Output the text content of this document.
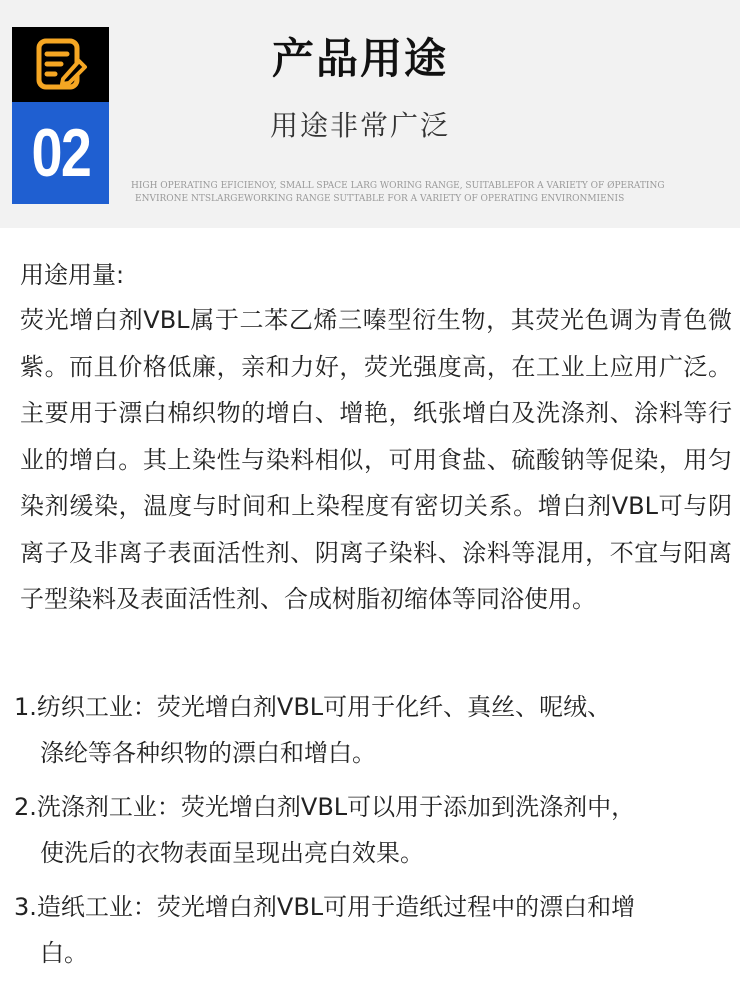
02
产品用途
用途非常广泛
HIGH OPERATING EFICIENOY, SMALL SPACE LARG WORING RANGE, SUITABLEFOR A VARIETY OF ØPERATING
ENVIRONE NTSLARGEWORKING RANGE SUTTABLE FOR A VARIETY OF OPERATING ENVIRONMIENIS
用途用量:

荧光增白剂VBL属于二苯乙烯三嗪型衍生物，其荧光色调为青色微紫。而且价格低廉，亲和力好，荧光强度高，在工业上应用广泛。主要用于漂白棉织物的增白、增艳，纸张增白及洗涤剂、涂料等行业的增白。其上染性与染料相似，可用食盐、硫酸钠等促染，用匀染剂缓染，温度与时间和上染程度有密切关系。增白剂VBL可与阴离子及非离子表面活性剂、阴离子染料、涂料等混用，不宜与阳离子型染料及表面活性剂、合成树脂初缩体等同浴使用。

1.纺织工业：荧光增白剂VBL可用于化纤、真丝、呢绒、
涤纶等各种织物的漂白和增白。
2.洗涤剂工业：荧光增白剂VBL可以用于添加到洗涤剂中，
使洗后的衣物表面呈现出亮白效果。
3.造纸工业：荧光增白剂VBL可用于造纸过程中的漂白和增
白。
